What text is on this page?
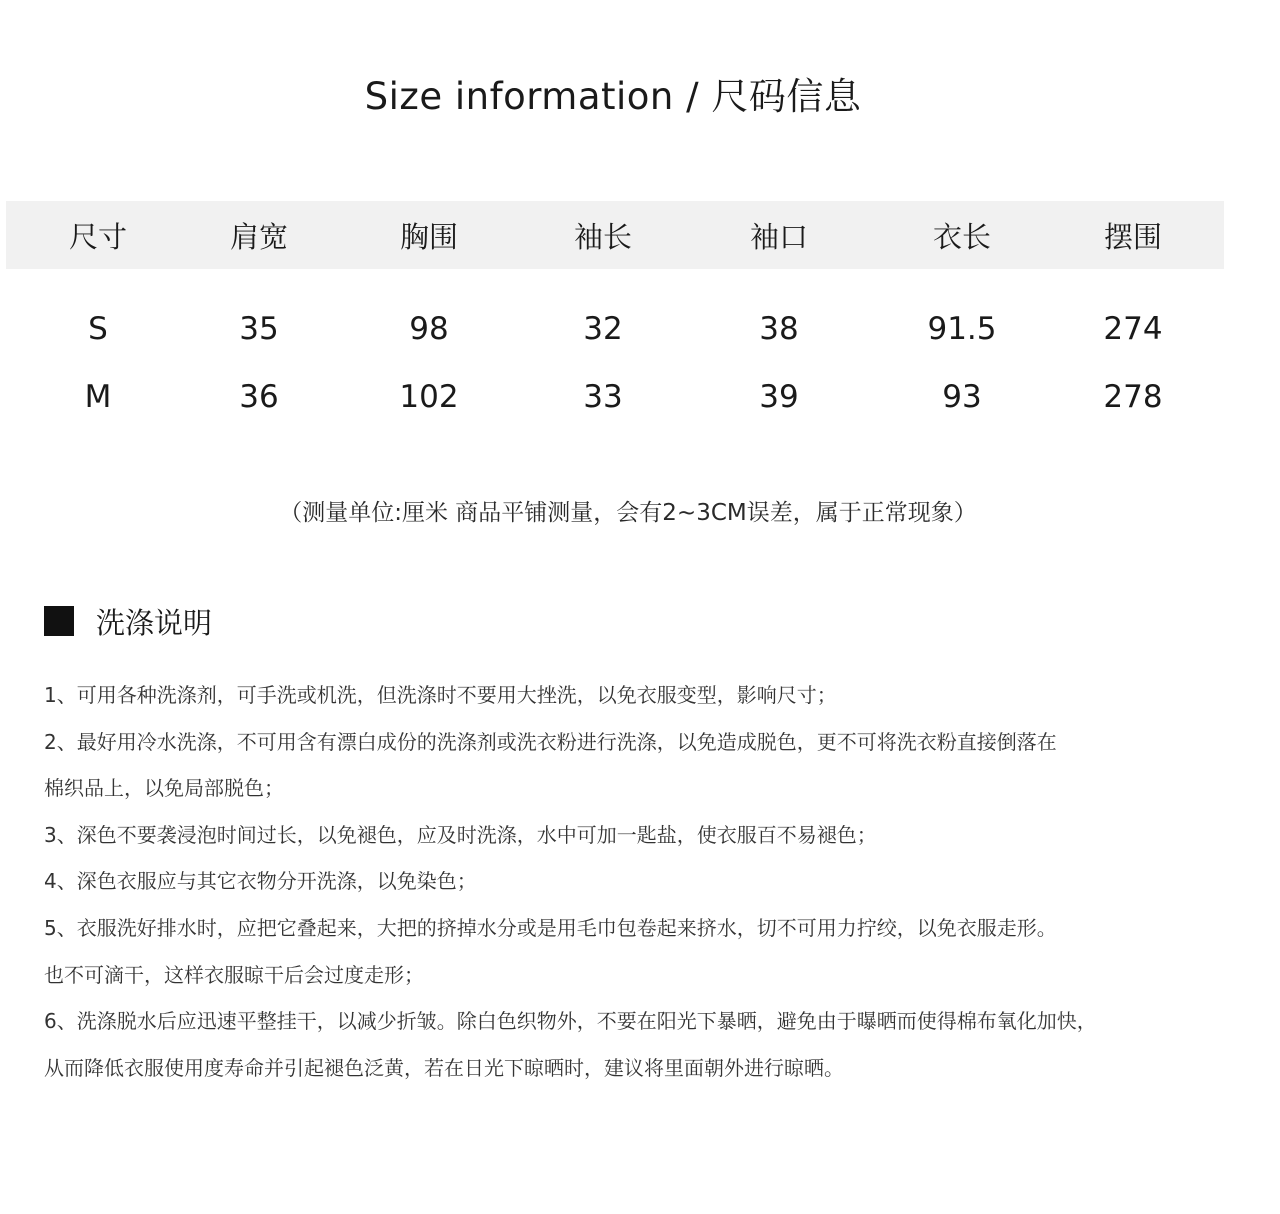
Size information / 尺码信息
尺寸	肩宽	胸围	袖长	袖口	衣长	摆围

S	35	98	32	38	91.5	274
M	36	102	33	39	93	278
（测量单位:厘米 商品平铺测量，会有2~3CM误差，属于正常现象）
洗涤说明
1、可用各种洗涤剂，可手洗或机洗，但洗涤时不要用大挫洗，以免衣服变型，影响尺寸；
2、最好用冷水洗涤，不可用含有漂白成份的洗涤剂或洗衣粉进行洗涤，以免造成脱色，更不可将洗衣粉直接倒落在
棉织品上，以免局部脱色；
3、深色不要袭浸泡时间过长，以免褪色，应及时洗涤，水中可加一匙盐，使衣服百不易褪色；
4、深色衣服应与其它衣物分开洗涤，以免染色；
5、衣服洗好排水时，应把它叠起来，大把的挤掉水分或是用毛巾包卷起来挤水，切不可用力拧绞，以免衣服走形。
也不可滴干，这样衣服晾干后会过度走形；
6、洗涤脱水后应迅速平整挂干，以减少折皱。除白色织物外，不要在阳光下暴晒，避免由于曝晒而使得棉布氧化加快，
从而降低衣服使用度寿命并引起褪色泛黄，若在日光下晾晒时，建议将里面朝外进行晾晒。
